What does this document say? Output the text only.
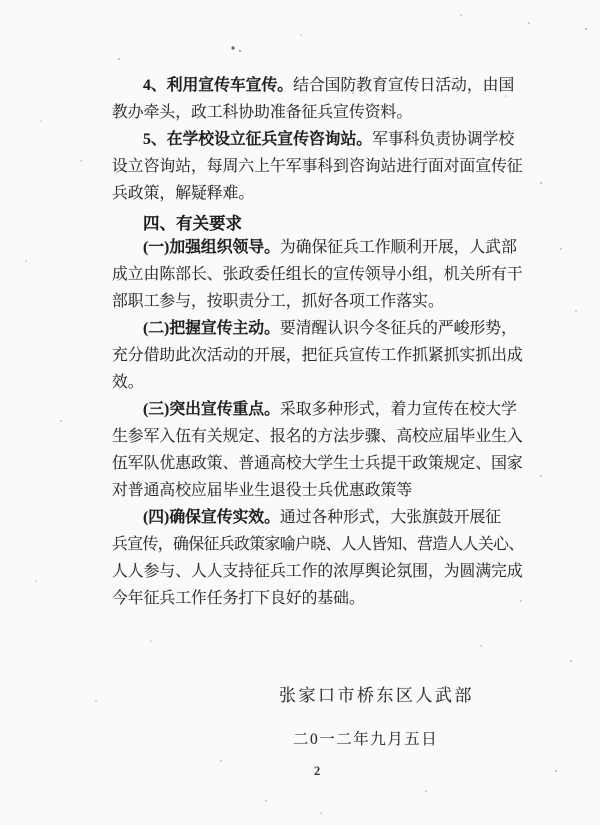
4、利用宣传车宣传。结合国防教育宣传日活动，由国
教办牵头，政工科协助准备征兵宣传资料。
5、在学校设立征兵宣传咨询站。军事科负责协调学校
设立咨询站，每周六上午军事科到咨询站进行面对面宣传征
兵政策，解疑释难。
四、有关要求
(一)加强组织领导。为确保征兵工作顺利开展，人武部
成立由陈部长、张政委任组长的宣传领导小组，机关所有干
部职工参与，按职责分工，抓好各项工作落实。
(二)把握宣传主动。要清醒认识今冬征兵的严峻形势，
充分借助此次活动的开展，把征兵宣传工作抓紧抓实抓出成
效。
(三)突出宣传重点。采取多种形式，着力宣传在校大学
生参军入伍有关规定、报名的方法步骤、高校应届毕业生入
伍军队优惠政策、普通高校大学生士兵提干政策规定、国家
对普通高校应届毕业生退役士兵优惠政策等
(四)确保宣传实效。通过各种形式，大张旗鼓开展征
兵宣传，确保征兵政策家喻户晓、人人皆知、营造人人关心、
人人参与、人人支持征兵工作的浓厚舆论氛围，为圆满完成
今年征兵工作任务打下良好的基础。
张家口市桥东区人武部
二0一二年九月五日
2
